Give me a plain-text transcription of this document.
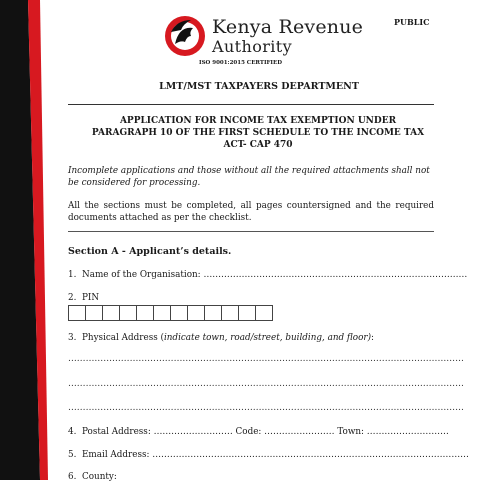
Kenya Revenue
Authority
ISO 9001:2015 CERTIFIED
PUBLIC
LMT/MST TAXPAYERS DEPARTMENT
APPLICATION FOR INCOME TAX EXEMPTION UNDER
PARAGRAPH 10 OF THE FIRST SCHEDULE TO THE INCOME TAX
ACT- CAP 470
Incomplete applications and those without all the required attachments shall not be considered for processing.
All the sections must be completed, all pages countersigned and the required documents attached as per the checklist.
Section A - Applicant’s details.
1. Name of the Organisation: ………………………………………………………………………………
2. PIN
3. Physical Address (indicate town, road/street, building, and floor):
………………………………………………………………………………………………………………………
………………………………………………………………………………………………………………………
………………………………………………………………………………………………………………………
4. Postal Address: ……………………… Code: …………………… Town: ……………………….
5. Email Address: ………………………………………………………………………………………………
6. County:
